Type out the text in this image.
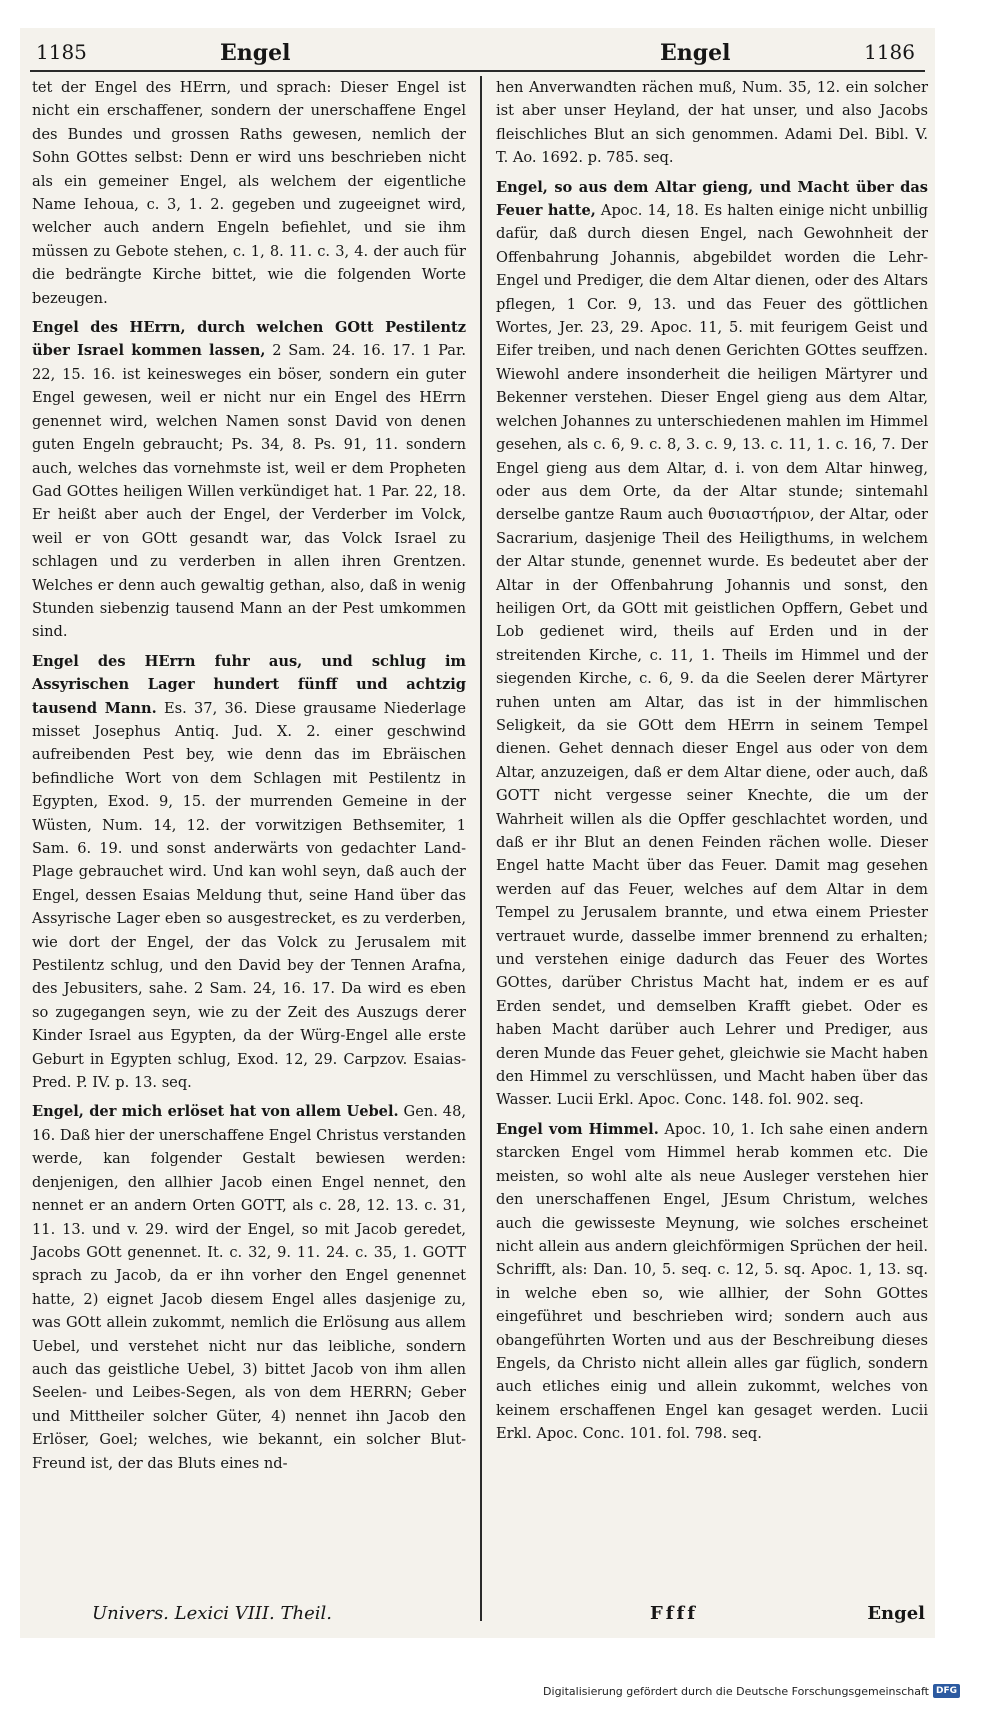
1185	Engel	Engel	1186

tet der Engel des HErrn, und sprach: Dieser Engel ist nicht ein erschaffener, sondern der unerschaffene Engel des Bundes und grossen Raths gewesen, nemlich der Sohn GOttes selbst: Denn er wird uns beschrieben nicht als ein gemeiner Engel, als welchem der eigentliche Name Iehoua, c. 3, 1. 2. gegeben und zugeeignet wird, welcher auch andern Engeln befiehlet, und sie ihm müssen zu Gebote stehen, c. 1, 8. 11. c. 3, 4. der auch für die bedrängte Kirche bittet, wie die folgenden Worte bezeugen.

Engel des HErrn, durch welchen GOtt Pestilentz über Israel kommen lassen, 2 Sam. 24. 16. 17. 1 Par. 22, 15. 16. ist keinesweges ein böser, sondern ein guter Engel gewesen, weil er nicht nur ein Engel des HErrn genennet wird, welchen Namen sonst David von denen guten Engeln gebraucht; Ps. 34, 8. Ps. 91, 11. sondern auch, welches das vornehmste ist, weil er dem Propheten Gad GOttes heiligen Willen verkündiget hat. 1 Par. 22, 18. Er heißt aber auch der Engel, der Verderber im Volck, weil er von GOtt gesandt war, das Volck Israel zu schlagen und zu verderben in allen ihren Grentzen. Welches er denn auch gewaltig gethan, also, daß in wenig Stunden siebenzig tausend Mann an der Pest umkommen sind.

Engel des HErrn fuhr aus, und schlug im Assyrischen Lager hundert fünff und achtzig tausend Mann. Es. 37, 36. Diese grausame Niederlage misset Josephus Antiq. Jud. X. 2. einer geschwind aufreibenden Pest bey, wie denn das im Ebräischen befindliche Wort von dem Schlagen mit Pestilentz in Egypten, Exod. 9, 15. der murrenden Gemeine in der Wüsten, Num. 14, 12. der vorwitzigen Bethsemiter, 1 Sam. 6. 19. und sonst anderwärts von gedachter Land-Plage gebrauchet wird. Und kan wohl seyn, daß auch der Engel, dessen Esaias Meldung thut, seine Hand über das Assyrische Lager eben so ausgestrecket, es zu verderben, wie dort der Engel, der das Volck zu Jerusalem mit Pestilentz schlug, und den David bey der Tennen Arafna, des Jebusiters, sahe. 2 Sam. 24, 16. 17. Da wird es eben so zugegangen seyn, wie zu der Zeit des Auszugs derer Kinder Israel aus Egypten, da der Würg-Engel alle erste Geburt in Egypten schlug, Exod. 12, 29. Carpzov. Esaias-Pred. P. IV. p. 13. seq.

Engel, der mich erlöset hat von allem Uebel. Gen. 48, 16. Daß hier der unerschaffene Engel Christus verstanden werde, kan folgender Gestalt bewiesen werden: denjenigen, den allhier Jacob einen Engel nennet, den nennet er an andern Orten GOTT, als c. 28, 12. 13. c. 31, 11. 13. und v. 29. wird der Engel, so mit Jacob geredet, Jacobs GOtt genennet. It. c. 32, 9. 11. 24. c. 35, 1. GOTT sprach zu Jacob, da er ihn vorher den Engel genennet hatte, 2) eignet Jacob diesem Engel alles dasjenige zu, was GOtt allein zukommt, nemlich die Erlösung aus allem Uebel, und verstehet nicht nur das leibliche, sondern auch das geistliche Uebel, 3) bittet Jacob von ihm allen Seelen- und Leibes-Segen, als von dem HERRN; Geber und Mittheiler solcher Güter, 4) nennet ihn Jacob den Erlöser, Goel; welches, wie bekannt, ein solcher Blut-Freund ist, der das Bluts eines nd-

hen Anverwandten rächen muß, Num. 35, 12. ein solcher ist aber unser Heyland, der hat unser, und also Jacobs fleischliches Blut an sich genommen. Adami Del. Bibl. V. T. Ao. 1692. p. 785. seq.

Engel, so aus dem Altar gieng, und Macht über das Feuer hatte, Apoc. 14, 18. Es halten einige nicht unbillig dafür, daß durch diesen Engel, nach Gewohnheit der Offenbahrung Johannis, abgebildet worden die Lehr-Engel und Prediger, die dem Altar dienen, oder des Altars pflegen, 1 Cor. 9, 13. und das Feuer des göttlichen Wortes, Jer. 23, 29. Apoc. 11, 5. mit feurigem Geist und Eifer treiben, und nach denen Gerichten GOttes seuffzen. Wiewohl andere insonderheit die heiligen Märtyrer und Bekenner verstehen. Dieser Engel gieng aus dem Altar, welchen Johannes zu unterschiedenen mahlen im Himmel gesehen, als c. 6, 9. c. 8, 3. c. 9, 13. c. 11, 1. c. 16, 7. Der Engel gieng aus dem Altar, d. i. von dem Altar hinweg, oder aus dem Orte, da der Altar stunde; sintemahl derselbe gantze Raum auch θυσιαστήριον, der Altar, oder Sacrarium, dasjenige Theil des Heiligthums, in welchem der Altar stunde, genennet wurde. Es bedeutet aber der Altar in der Offenbahrung Johannis und sonst, den heiligen Ort, da GOtt mit geistlichen Opffern, Gebet und Lob gedienet wird, theils auf Erden und in der streitenden Kirche, c. 11, 1. Theils im Himmel und der siegenden Kirche, c. 6, 9. da die Seelen derer Märtyrer ruhen unten am Altar, das ist in der himmlischen Seligkeit, da sie GOtt dem HErrn in seinem Tempel dienen. Gehet dennach dieser Engel aus oder von dem Altar, anzuzeigen, daß er dem Altar diene, oder auch, daß GOTT nicht vergesse seiner Knechte, die um der Wahrheit willen als die Opffer geschlachtet worden, und daß er ihr Blut an denen Feinden rächen wolle. Dieser Engel hatte Macht über das Feuer. Damit mag gesehen werden auf das Feuer, welches auf dem Altar in dem Tempel zu Jerusalem brannte, und etwa einem Priester vertrauet wurde, dasselbe immer brennend zu erhalten; und verstehen einige dadurch das Feuer des Wortes GOttes, darüber Christus Macht hat, indem er es auf Erden sendet, und demselben Krafft giebet. Oder es haben Macht darüber auch Lehrer und Prediger, aus deren Munde das Feuer gehet, gleichwie sie Macht haben den Himmel zu verschlüssen, und Macht haben über das Wasser. Lucii Erkl. Apoc. Conc. 148. fol. 902. seq.

Engel vom Himmel. Apoc. 10, 1. Ich sahe einen andern starcken Engel vom Himmel herab kommen etc. Die meisten, so wohl alte als neue Ausleger verstehen hier den unerschaffenen Engel, JEsum Christum, welches auch die gewisseste Meynung, wie solches erscheinet nicht allein aus andern gleichförmigen Sprüchen der heil. Schrifft, als: Dan. 10, 5. seq. c. 12, 5. sq. Apoc. 1, 13. sq. in welche eben so, wie allhier, der Sohn GOttes eingeführet und beschrieben wird; sondern auch aus obangeführten Worten und aus der Beschreibung dieses Engels, da Christo nicht allein alles gar füglich, sondern auch etliches einig und allein zukommt, welches von keinem erschaffenen Engel kan gesaget werden. Lucii Erkl. Apoc. Conc. 101. fol. 798. seq.

Univers. Lexici VIII. Theil.	Ffff	Engel
Digitalisierung gefördert durch die Deutsche Forschungsgemeinschaft DFG
